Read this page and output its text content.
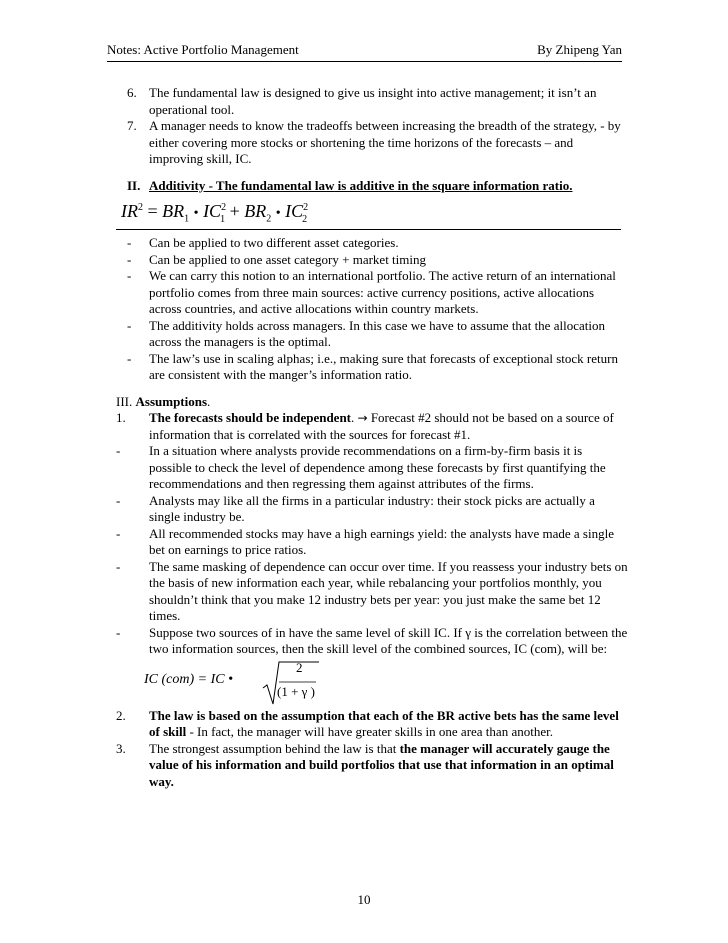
Notes: Active Portfolio Management	By Zhipeng Yan
6. The fundamental law is designed to give us insight into active management; it isn’t an operational tool.
7. A manager needs to know the tradeoffs between increasing the breadth of the strategy, - by either covering more stocks or shortening the time horizons of the forecasts – and improving skill, IC.
II. Additivity - The fundamental law is additive in the square information ratio.
$IR^2 = BR_1$ • $IC^2_1 + BR_2$ • $IC^2_2$
- Can be applied to two different asset categories.
- Can be applied to one asset category + market timing
- We can carry this notion to an international portfolio. The active return of an international portfolio comes from three main sources: active currency positions, active allocations across countries, and active allocations within country markets.
- The additivity holds across managers. In this case we have to assume that the allocation across the managers is the optimal.
- The law’s use in scaling alphas; i.e., making sure that forecasts of exceptional stock return are consistent with the manger’s information ratio.
III. Assumptions.
1. The forecasts should be independent. → Forecast #2 should not be based on a source of information that is correlated with the sources for forecast #1.
- In a situation where analysts provide recommendations on a firm-by-firm basis it is possible to check the level of dependence among these forecasts by first quantifying the recommendations and then regressing them against attributes of the firms.
- Analysts may like all the firms in a particular industry: their stock picks are actually a single industry be.
- All recommended stocks may have a high earnings yield: the analysts have made a single bet on earnings to price ratios.
- The same masking of dependence can occur over time. If you reassess your industry bets on the basis of new information each year, while rebalancing your portfolios monthly, you shouldn’t think that you make 12 industry bets per year: you just make the same bet 12 times.
- Suppose two sources of in have the same level of skill IC. If γ is the correlation between the two information sources, then the skill level of the combined sources, IC (com), will be:
IC (com) = IC •
2
(1 + γ )
2. The law is based on the assumption that each of the BR active bets has the same level of skill - In fact, the manager will have greater skills in one area than another.
3. The strongest assumption behind the law is that the manager will accurately gauge the value of his information and build portfolios that use that information in an optimal way.
10
